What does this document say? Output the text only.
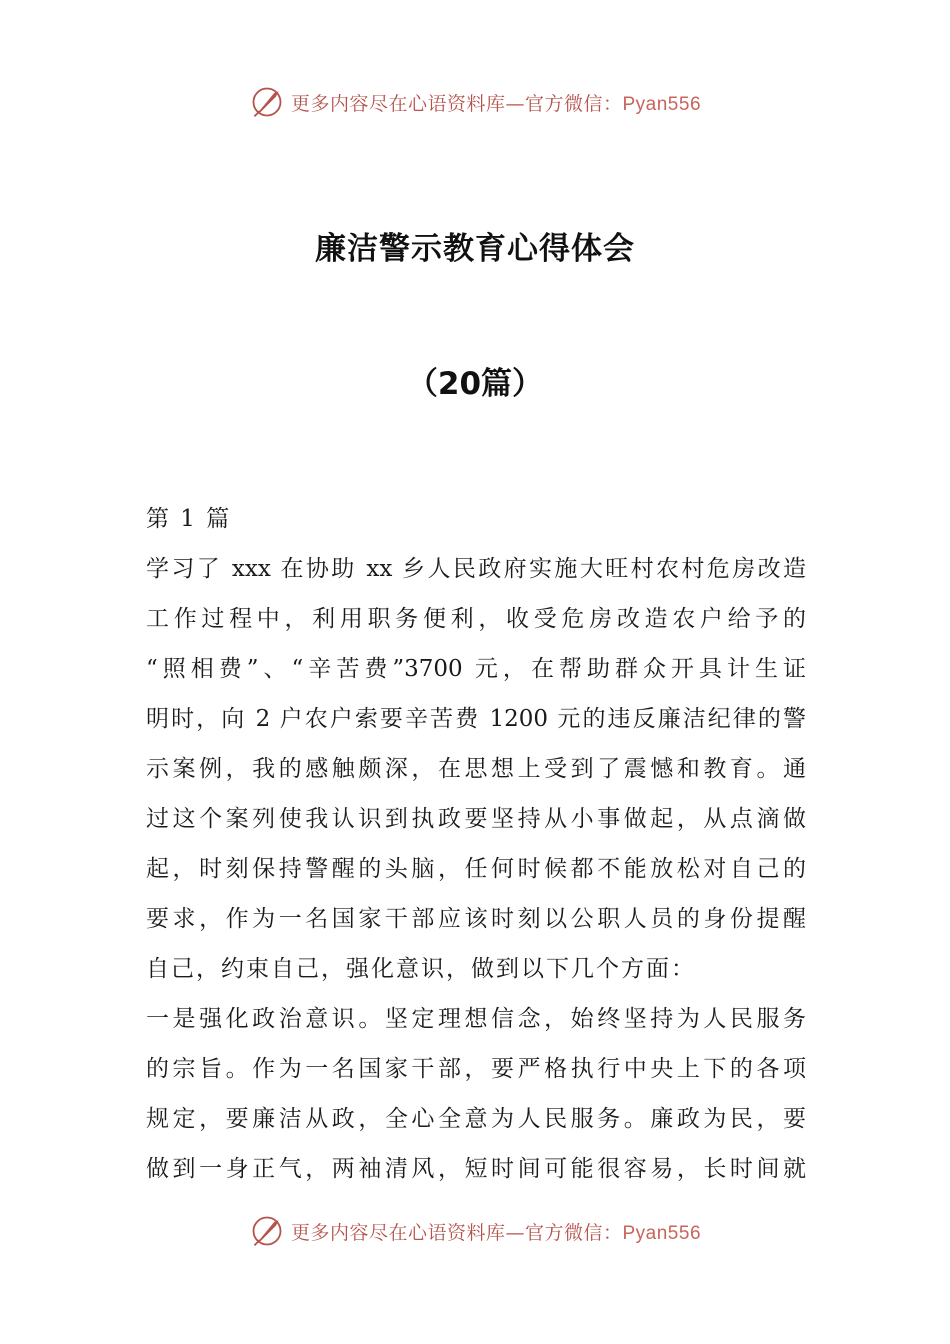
更多内容尽在心语资料库—官方微信：Pyan556
廉洁警示教育心得体会
（20篇）
第 1 篇
学习了 xxx 在协助 xx 乡人民政府实施大旺村农村危房改造
工作过程中，利用职务便利，收受危房改造农户给予的
“照相费”、“辛苦费”3700 元，在帮助群众开具计生证
明时，向 2 户农户索要辛苦费 1200 元的违反廉洁纪律的警
示案例，我的感触颇深，在思想上受到了震憾和教育。通
过这个案列使我认识到执政要坚持从小事做起，从点滴做
起，时刻保持警醒的头脑，任何时候都不能放松对自己的
要求，作为一名国家干部应该时刻以公职人员的身份提醒
自己，约束自己，强化意识，做到以下几个方面：
一是强化政治意识。坚定理想信念，始终坚持为人民服务
的宗旨。作为一名国家干部，要严格执行中央上下的各项
规定，要廉洁从政，全心全意为人民服务。廉政为民，要
做到一身正气，两袖清风，短时间可能很容易，长时间就
更多内容尽在心语资料库—官方微信：Pyan556
